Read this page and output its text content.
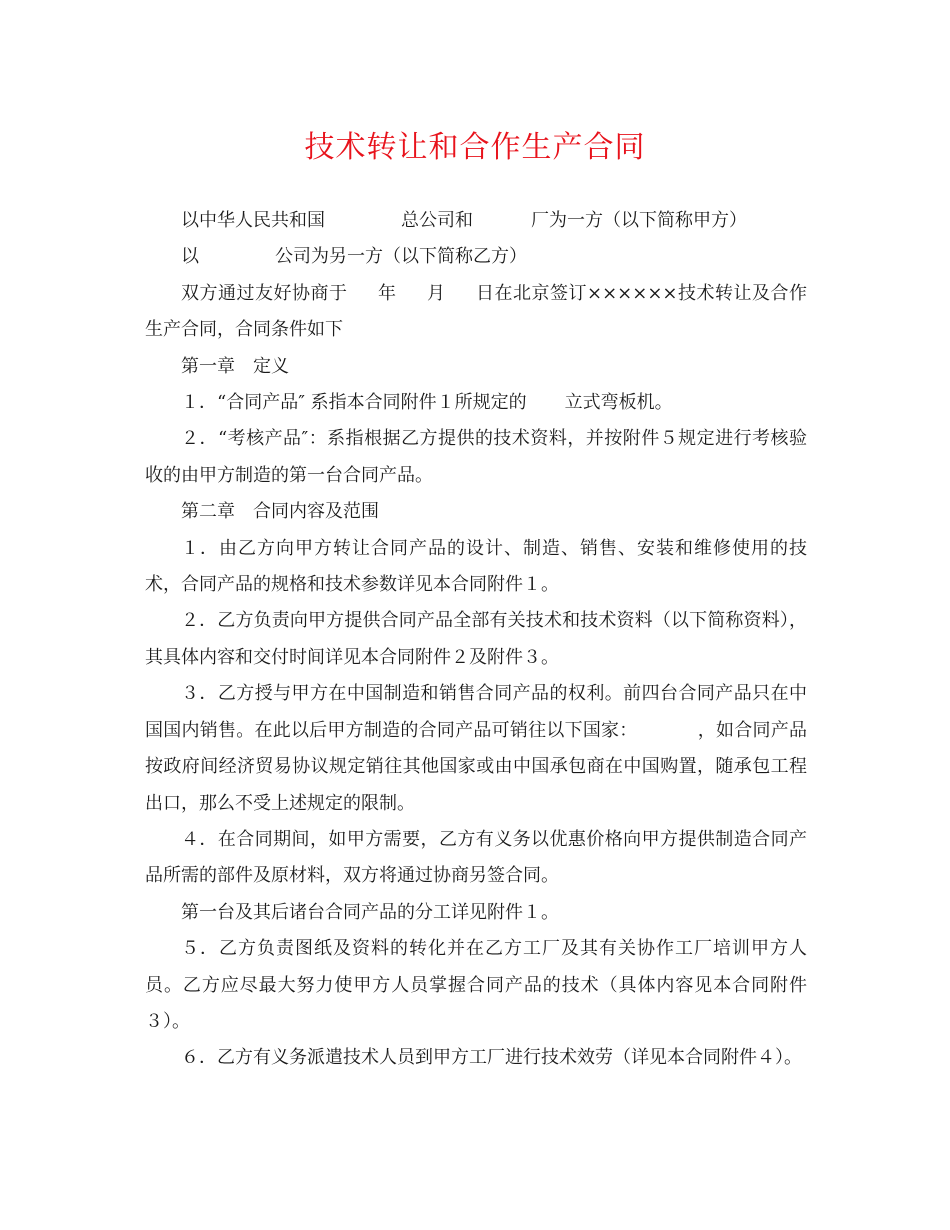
技术转让和合作生产合同

以中华人民共和国	总公司和	厂为一方（以下简称甲方）

以	公司为另一方（以下简称乙方）

双方通过友好协商于 年 月 日在北京签订××××××技术转让及合作生产合同，合同条件如下

第一章　定义

１．“合同产品″ 系指本合同附件１所规定的 立式弯板机。

２．“考核产品″：系指根据乙方提供的技术资料，并按附件５规定进行考核验收的由甲方制造的第一台合同产品。

第二章　合同内容及范围

１．由乙方向甲方转让合同产品的设计、制造、销售、安装和维修使用的技术，合同产品的规格和技术参数详见本合同附件１。

２．乙方负责向甲方提供合同产品全部有关技术和技术资料（以下简称资料），其具体内容和交付时间详见本合同附件２及附件３。

３．乙方授与甲方在中国制造和销售合同产品的权利。前四台合同产品只在中国国内销售。在此以后甲方制造的合同产品可销往以下国家：	，如合同产品按政府间经济贸易协议规定销往其他国家或由中国承包商在中国购置，随承包工程出口，那么不受上述规定的限制。

４．在合同期间，如甲方需要，乙方有义务以优惠价格向甲方提供制造合同产品所需的部件及原材料，双方将通过协商另签合同。

第一台及其后诸台合同产品的分工详见附件１。

５．乙方负责图纸及资料的转化并在乙方工厂及其有关协作工厂培训甲方人员。乙方应尽最大努力使甲方人员掌握合同产品的技术（具体内容见本合同附件３）。

６．乙方有义务派遣技术人员到甲方工厂进行技术效劳（详见本合同附件４）。
